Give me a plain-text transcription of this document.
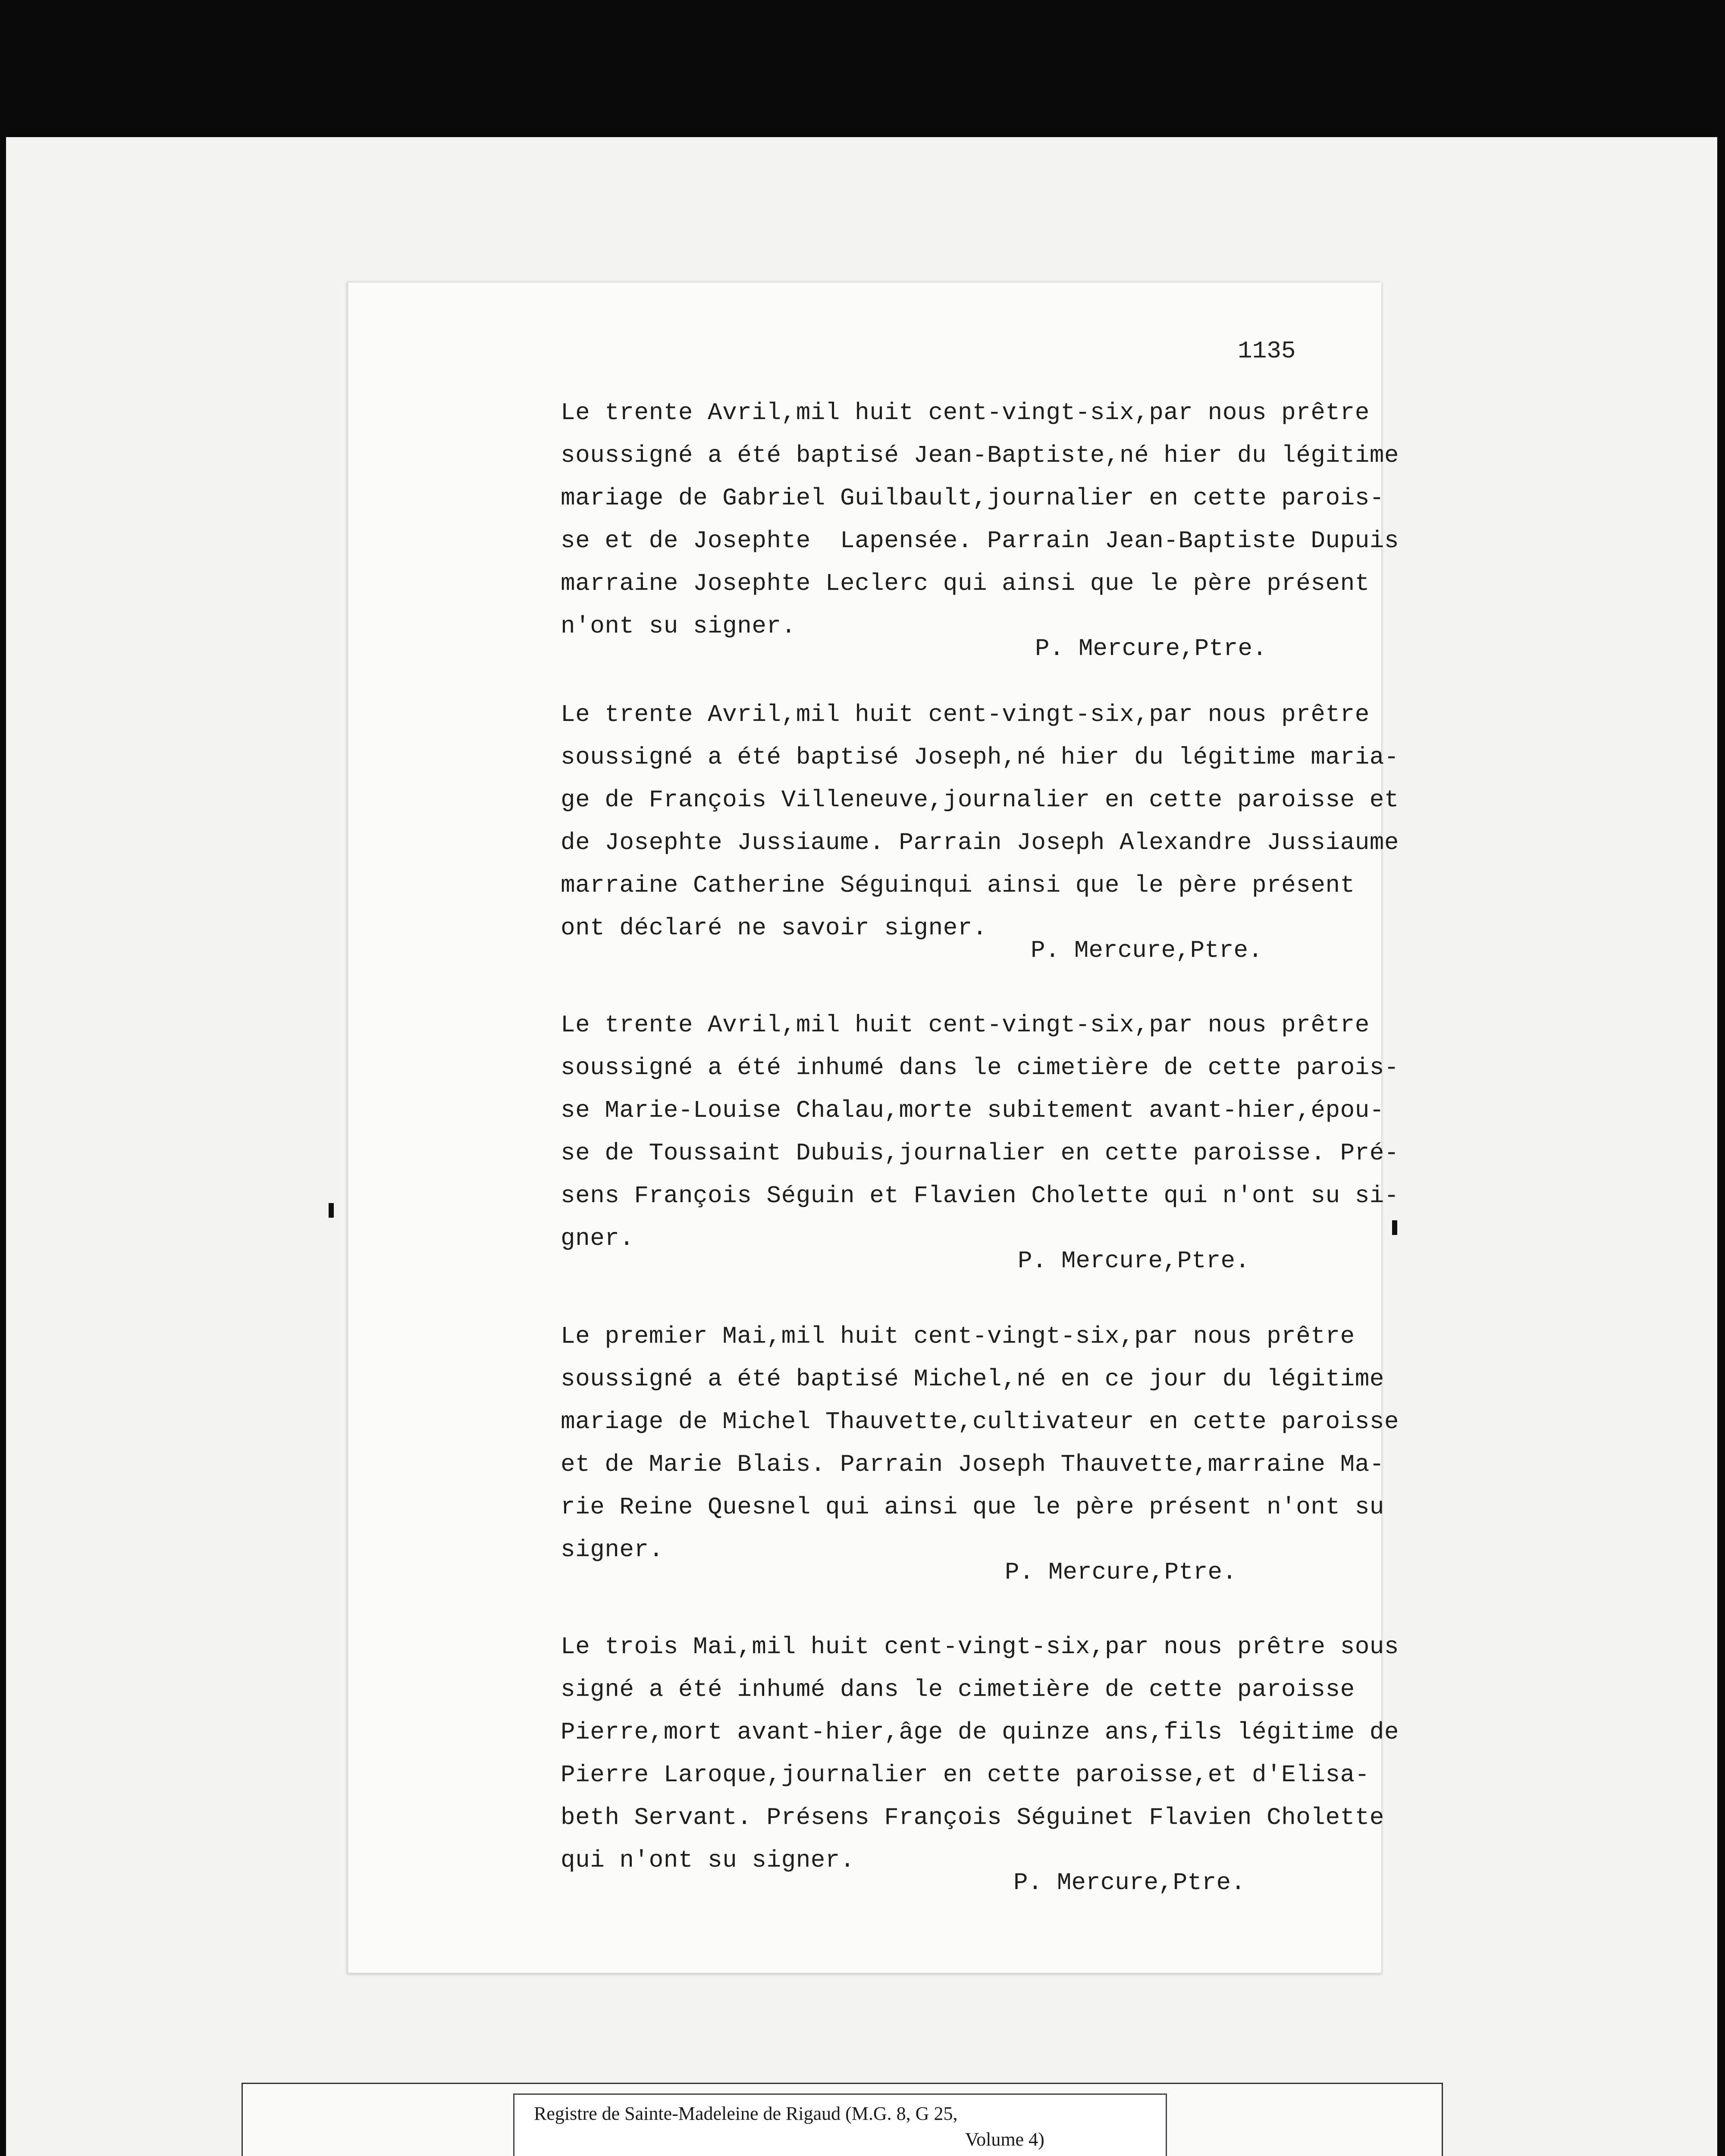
1135
Le trente Avril,mil huit cent-vingt-six,par nous prêtre
soussigné a été baptisé Jean-Baptiste,né hier du légitime
mariage de Gabriel Guilbault,journalier en cette parois-
se et de Josephte  Lapensée. Parrain Jean-Baptiste Dupuis
marraine Josephte Leclerc qui ainsi que le père présent
n'ont su signer.
P. Mercure,Ptre.
Le trente Avril,mil huit cent-vingt-six,par nous prêtre
soussigné a été baptisé Joseph,né hier du légitime maria-
ge de François Villeneuve,journalier en cette paroisse et
de Josephte Jussiaume. Parrain Joseph Alexandre Jussiaume
marraine Catherine Séguinqui ainsi que le père présent
ont déclaré ne savoir signer.
P. Mercure,Ptre.
Le trente Avril,mil huit cent-vingt-six,par nous prêtre
soussigné a été inhumé dans le cimetière de cette parois-
se Marie-Louise Chalau,morte subitement avant-hier,épou-
se de Toussaint Dubuis,journalier en cette paroisse. Pré-
sens François Séguin et Flavien Cholette qui n'ont su si-
gner.
P. Mercure,Ptre.
Le premier Mai,mil huit cent-vingt-six,par nous prêtre
soussigné a été baptisé Michel,né en ce jour du légitime
mariage de Michel Thauvette,cultivateur en cette paroisse
et de Marie Blais. Parrain Joseph Thauvette,marraine Ma-
rie Reine Quesnel qui ainsi que le père présent n'ont su
signer.
P. Mercure,Ptre.
Le trois Mai,mil huit cent-vingt-six,par nous prêtre sous
signé a été inhumé dans le cimetière de cette paroisse
Pierre,mort avant-hier,âge de quinze ans,fils légitime de
Pierre Laroque,journalier en cette paroisse,et d'Elisa-
beth Servant. Présens François Séguinet Flavien Cholette
qui n'ont su signer.
P. Mercure,Ptre.
Registre de Sainte-Madeleine de Rigaud (M.G. 8, G 25,
Volume 4)
